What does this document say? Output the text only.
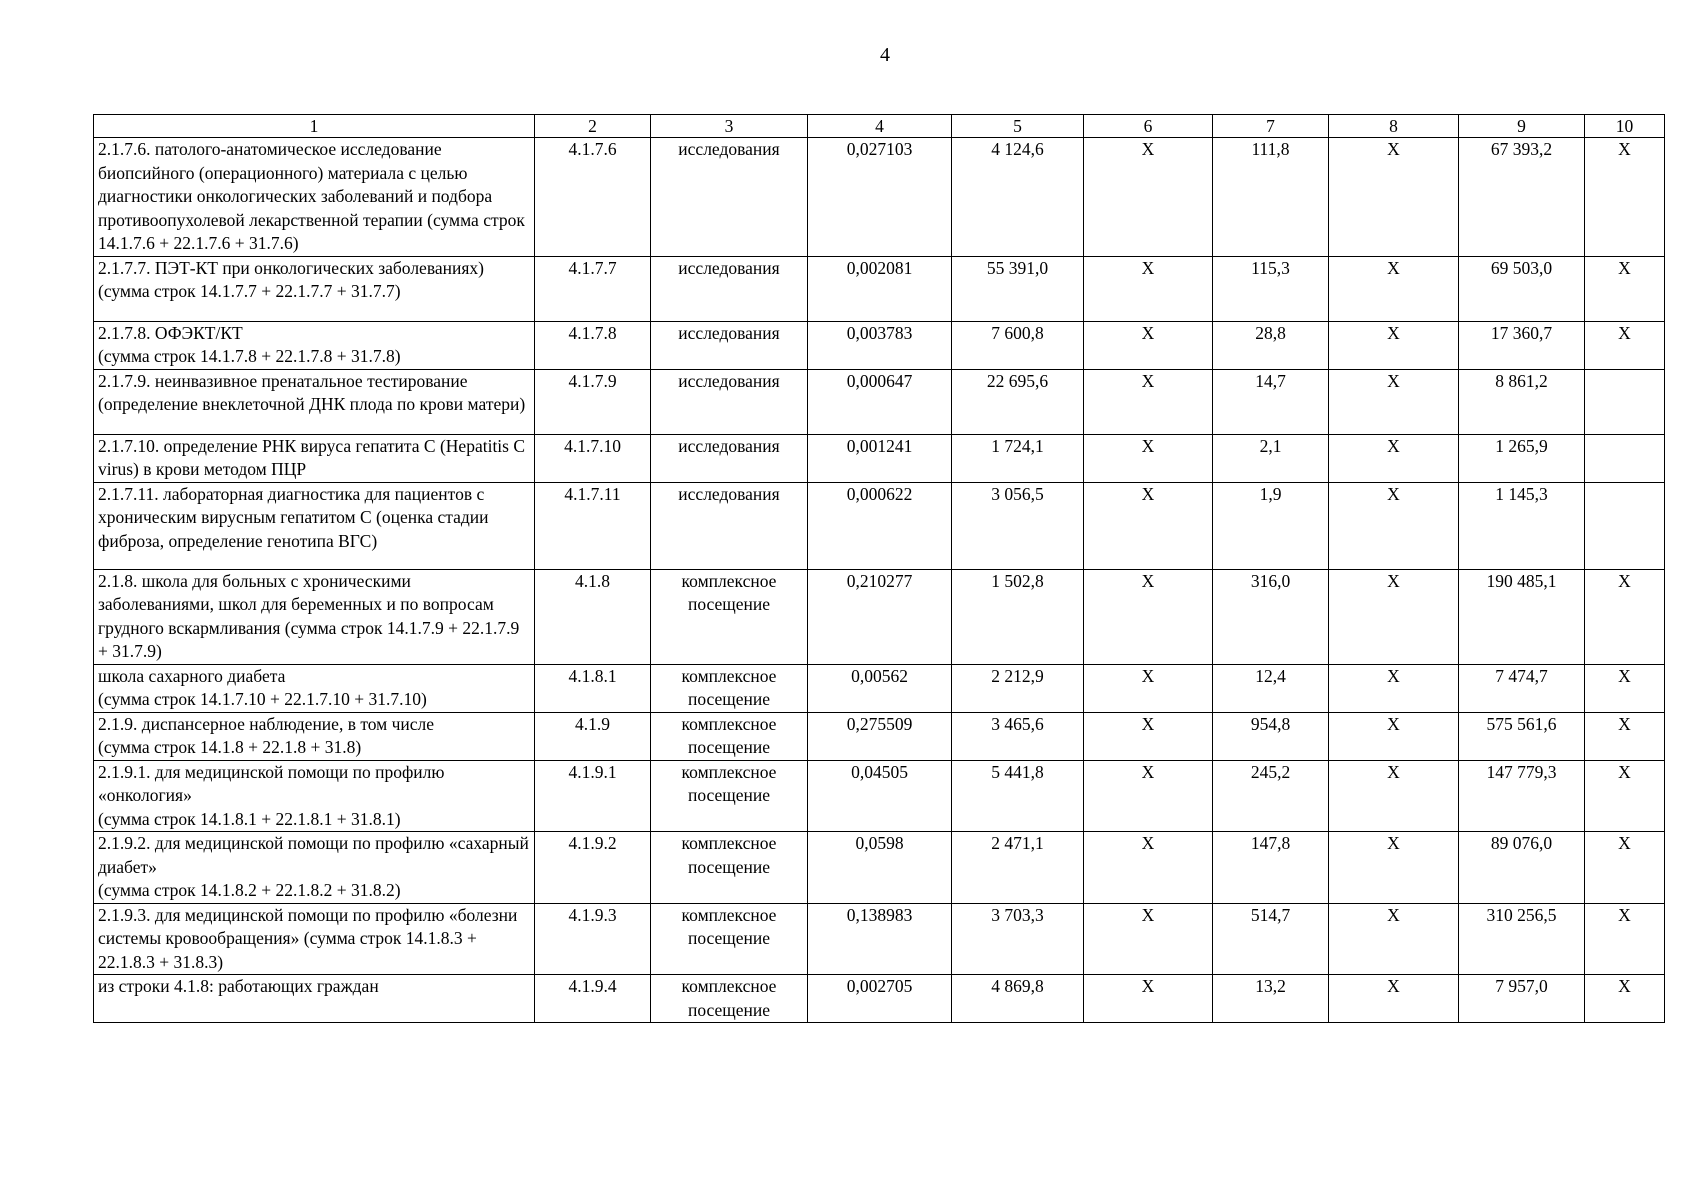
4
1	2	3	4	5	6	7	8	9	10
2.1.7.6. патолого-анатомическое исследование биопсийного (операционного) материала с целью диагностики онкологических заболеваний и подбора противоопухолевой лекарственной терапии (сумма строк 14.1.7.6 + 22.1.7.6 + 31.7.6)	4.1.7.6	исследования	0,027103	4 124,6	X	111,8	X	67 393,2	X
2.1.7.7. ПЭТ-КТ при онкологических заболеваниях)
(сумма строк 14.1.7.7 + 22.1.7.7 + 31.7.7)	4.1.7.7	исследования	0,002081	55 391,0	X	115,3	X	69 503,0	X
2.1.7.8. ОФЭКТ/КТ
(сумма строк 14.1.7.8 + 22.1.7.8 + 31.7.8)	4.1.7.8	исследования	0,003783	7 600,8	X	28,8	X	17 360,7	X
2.1.7.9. неинвазивное пренатальное тестирование (определение внеклеточной ДНК плода по крови матери)	4.1.7.9	исследования	0,000647	22 695,6	X	14,7	X	8 861,2	
2.1.7.10. определение РНК вируса гепатита С (Hepatitis C virus) в крови методом ПЦР	4.1.7.10	исследования	0,001241	1 724,1	X	2,1	X	1 265,9	
2.1.7.11. лабораторная диагностика для пациентов с хроническим вирусным гепатитом С (оценка стадии фиброза, определение генотипа ВГС)	4.1.7.11	исследования	0,000622	3 056,5	X	1,9	X	1 145,3	
2.1.8. школа для больных с хроническими заболеваниями, школ для беременных и по вопросам грудного вскармливания (сумма строк 14.1.7.9 + 22.1.7.9 + 31.7.9)	4.1.8	комплексное посещение	0,210277	1 502,8	X	316,0	X	190 485,1	X
школа сахарного диабета
(сумма строк 14.1.7.10 + 22.1.7.10 + 31.7.10)	4.1.8.1	комплексное посещение	0,00562	2 212,9	X	12,4	X	7 474,7	X
2.1.9. диспансерное наблюдение, в том числе
(сумма строк 14.1.8 + 22.1.8 + 31.8)	4.1.9	комплексное посещение	0,275509	3 465,6	X	954,8	X	575 561,6	X
2.1.9.1. для медицинской помощи по профилю «онкология»
(сумма строк 14.1.8.1 + 22.1.8.1 + 31.8.1)	4.1.9.1	комплексное посещение	0,04505	5 441,8	X	245,2	X	147 779,3	X
2.1.9.2. для медицинской помощи по профилю «сахарный диабет»
(сумма строк 14.1.8.2 + 22.1.8.2 + 31.8.2)	4.1.9.2	комплексное посещение	0,0598	2 471,1	X	147,8	X	89 076,0	X
2.1.9.3. для медицинской помощи по профилю «болезни системы кровообращения» (сумма строк 14.1.8.3 + 22.1.8.3 + 31.8.3)	4.1.9.3	комплексное посещение	0,138983	3 703,3	X	514,7	X	310 256,5	X
из строки 4.1.8: работающих граждан	4.1.9.4	комплексное посещение	0,002705	4 869,8	X	13,2	X	7 957,0	X
